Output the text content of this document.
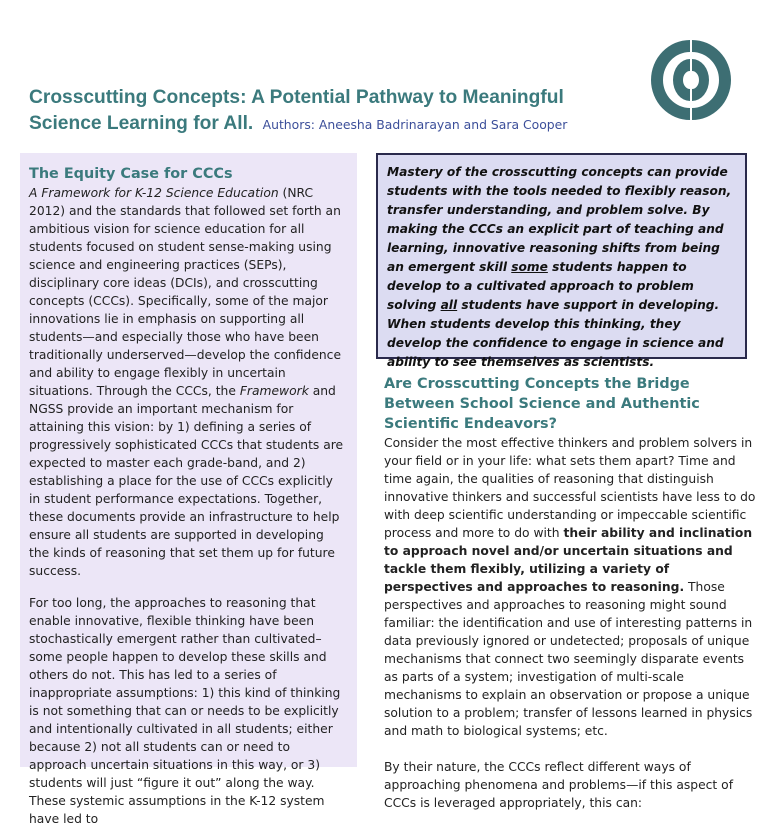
Crosscutting Concepts: A Potential Pathway to Meaningful
Science Learning for All. Authors: Aneesha Badrinarayan and Sara Cooper
The Equity Case for CCCs

A Framework for K-12 Science Education (NRC 2012) and the standards that followed set forth an ambitious vision for science education for all students focused on student sense-making using science and engineering practices (SEPs), disciplinary core ideas (DCIs), and crosscutting concepts (CCCs). Specifically, some of the major innovations lie in emphasis on supporting all students—and especially those who have been traditionally underserved—develop the confidence and ability to engage flexibly in uncertain situations. Through the CCCs, the Framework and NGSS provide an important mechanism for attaining this vision: by 1) defining a series of progressively sophisticated CCCs that students are expected to master each grade-band, and 2) establishing a place for the use of CCCs explicitly in student performance expectations. Together, these documents provide an infrastructure to help ensure all students are supported in developing the kinds of reasoning that set them up for future success.

For too long, the approaches to reasoning that enable innovative, flexible thinking have been stochastically emergent rather than cultivated–some people happen to develop these skills and others do not. This has led to a series of inappropriate assumptions: 1) this kind of thinking is not something that can or needs to be explicitly and intentionally cultivated in all students; either because 2) not all students can or need to approach uncertain situations in this way, or 3) students will just “figure it out” along the way. These systemic assumptions in the K-12 system have led to

Mastery of the crosscutting concepts can provide students with the tools needed to flexibly reason, transfer understanding, and problem solve. By making the CCCs an explicit part of teaching and learning, innovative reasoning shifts from being an emergent skill some students happen to develop to a cultivated approach to problem solving all students have support in developing. When students develop this thinking, they develop the confidence to engage in science and ability to see themselves as scientists.
Are Crosscutting Concepts the Bridge Between School Science and Authentic Scientific Endeavors?

Consider the most effective thinkers and problem solvers in your field or in your life: what sets them apart? Time and time again, the qualities of reasoning that distinguish innovative thinkers and successful scientists have less to do with deep scientific understanding or impeccable scientific process and more to do with their ability and inclination to approach novel and/or uncertain situations and tackle them flexibly, utilizing a variety of perspectives and approaches to reasoning. Those perspectives and approaches to reasoning might sound familiar: the identification and use of interesting patterns in data previously ignored or undetected; proposals of unique mechanisms that connect two seemingly disparate events as parts of a system; investigation of multi-scale mechanisms to explain an observation or propose a unique solution to a problem; transfer of lessons learned in physics and math to biological systems; etc.

By their nature, the CCCs reflect different ways of approaching phenomena and problems—if this aspect of CCCs is leveraged appropriately, this can:
